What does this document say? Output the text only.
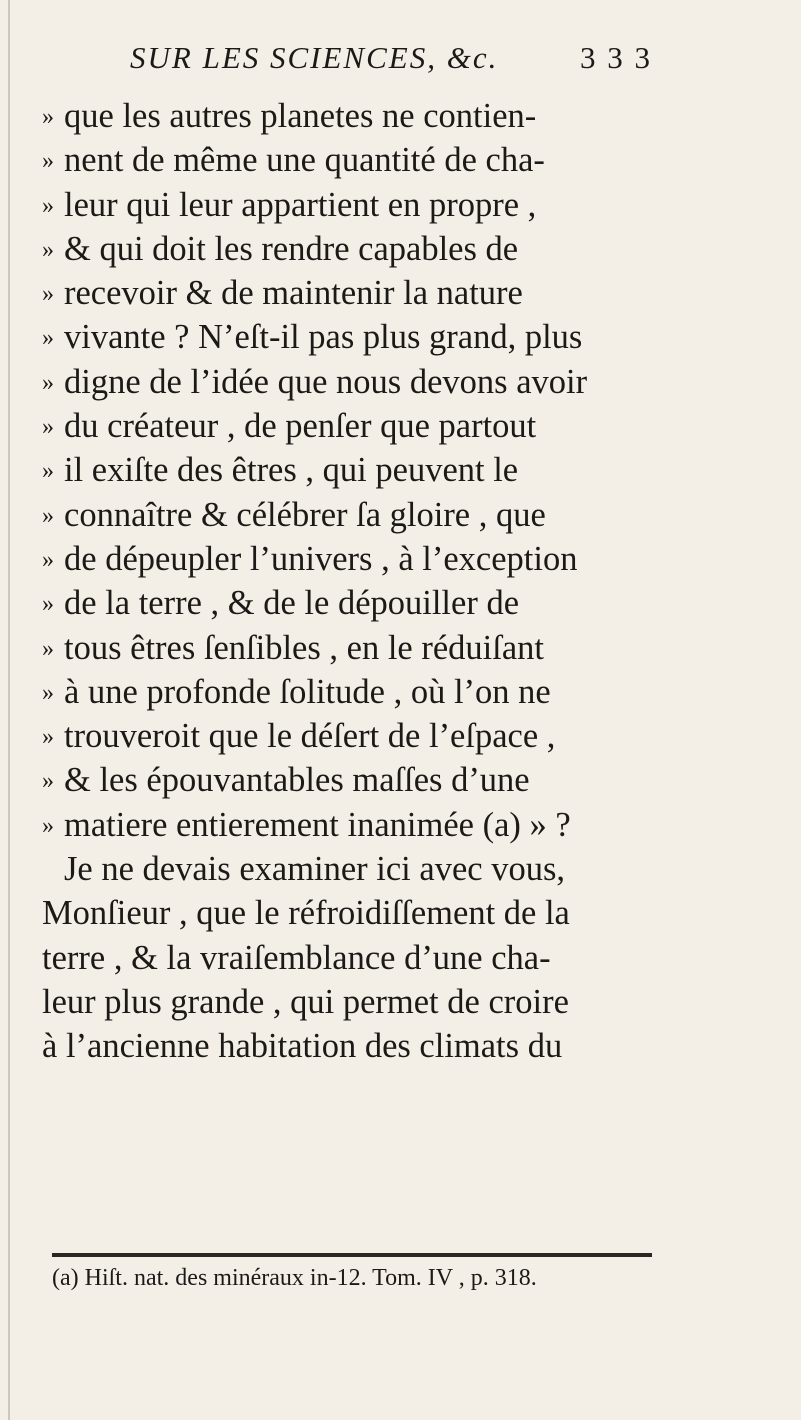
SUR LES SCIENCES, &c.	3 3 3
» que les autres planetes ne contien-
» nent de même une quantité de cha-
» leur qui leur appartient en propre ,
» & qui doit les rendre capables de
» recevoir & de maintenir la nature
» vivante ? N’eſt-il pas plus grand, plus
» digne de l’idée que nous devons avoir
» du créateur , de penſer que partout
» il exiſte des êtres , qui peuvent le
» connaître & célébrer ſa gloire , que
» de dépeupler l’univers , à l’exception
» de la terre , & de le dépouiller de
» tous êtres ſenſibles , en le réduiſant
» à une profonde ſolitude , où l’on ne
» trouveroit que le déſert de l’eſpace ,
» & les épouvantables maſſes d’une
» matiere entierement inanimée (a) » ?
Je ne devais examiner ici avec vous,
Monſieur , que le réfroidiſſement de la
terre , & la vraiſemblance d’une cha-
leur plus grande , qui permet de croire
à l’ancienne habitation des climats du
(a) Hiſt. nat. des minéraux in-12. Tom. IV , p. 318.
